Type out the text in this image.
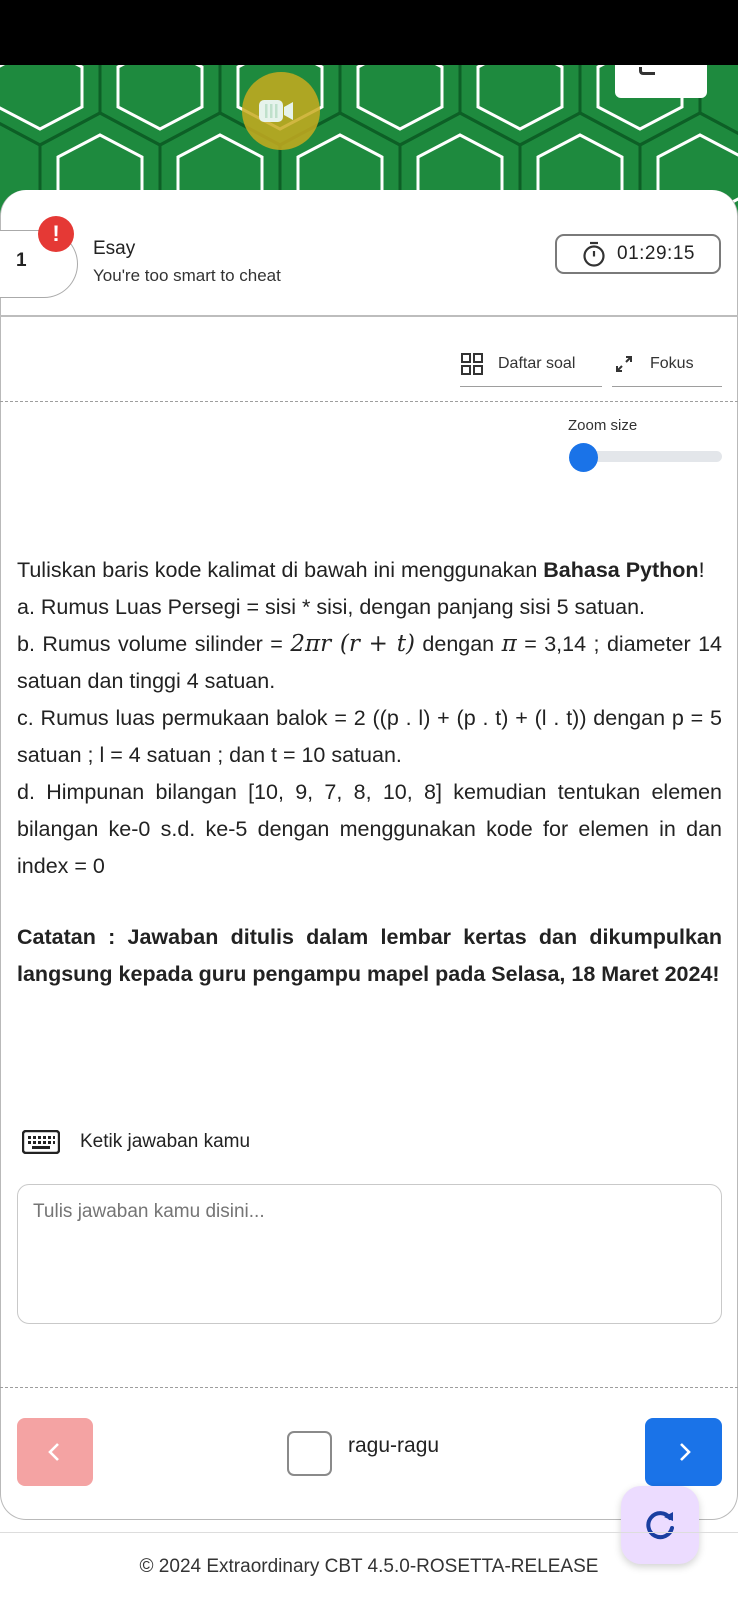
1
!
Esay
You're too smart to cheat
01:29:15
Daftar soal	Fokus
Zoom size

Tuliskan baris kode kalimat di bawah ini menggunakan Bahasa Python!

a. Rumus Luas Persegi = sisi * sisi, dengan panjang sisi 5 satuan.

b. Rumus volume silinder = 2πr (r + t) dengan π = 3,14 ; diameter 14 satuan dan tinggi 4 satuan.

c. Rumus luas permukaan balok = 2 ((p . l) + (p . t) + (l . t)) dengan p = 5 satuan ; l = 4 satuan ; dan t = 10 satuan.

d. Himpunan bilangan [10, 9, 7, 8, 10, 8] kemudian tentukan elemen bilangan ke-0 s.d. ke-5 dengan menggunakan kode for elemen in dan index = 0

Catatan : Jawaban ditulis dalam lembar kertas dan dikumpulkan langsung kepada guru pengampu mapel pada Selasa, 18 Maret 2024!

Ketik jawaban kamu
Tulis jawaban kamu disini...
ragu-ragu
© 2024 Extraordinary CBT 4.5.0-ROSETTA-RELEASE
